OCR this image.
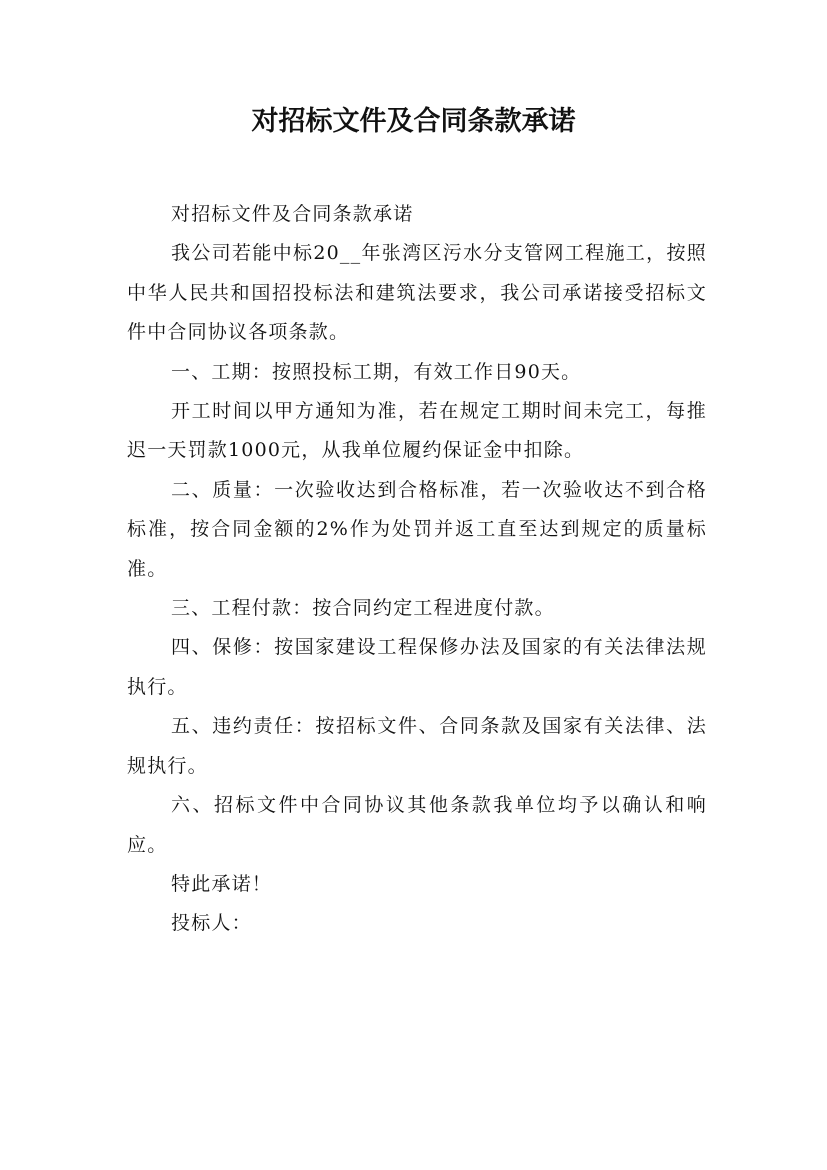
对招标文件及合同条款承诺

对招标文件及合同条款承诺

我公司若能中标20__年张湾区污水分支管网工程施工，按照中华人民共和国招投标法和建筑法要求，我公司承诺接受招标文件中合同协议各项条款。

一、工期：按照投标工期，有效工作日90天。

开工时间以甲方通知为准，若在规定工期时间未完工，每推迟一天罚款1000元，从我单位履约保证金中扣除。

二、质量：一次验收达到合格标准，若一次验收达不到合格标准，按合同金额的2%作为处罚并返工直至达到规定的质量标准。

三、工程付款：按合同约定工程进度付款。

四、保修：按国家建设工程保修办法及国家的有关法律法规执行。

五、违约责任：按招标文件、合同条款及国家有关法律、法规执行。

六、招标文件中合同协议其他条款我单位均予以确认和响应。

特此承诺！

投标人：
